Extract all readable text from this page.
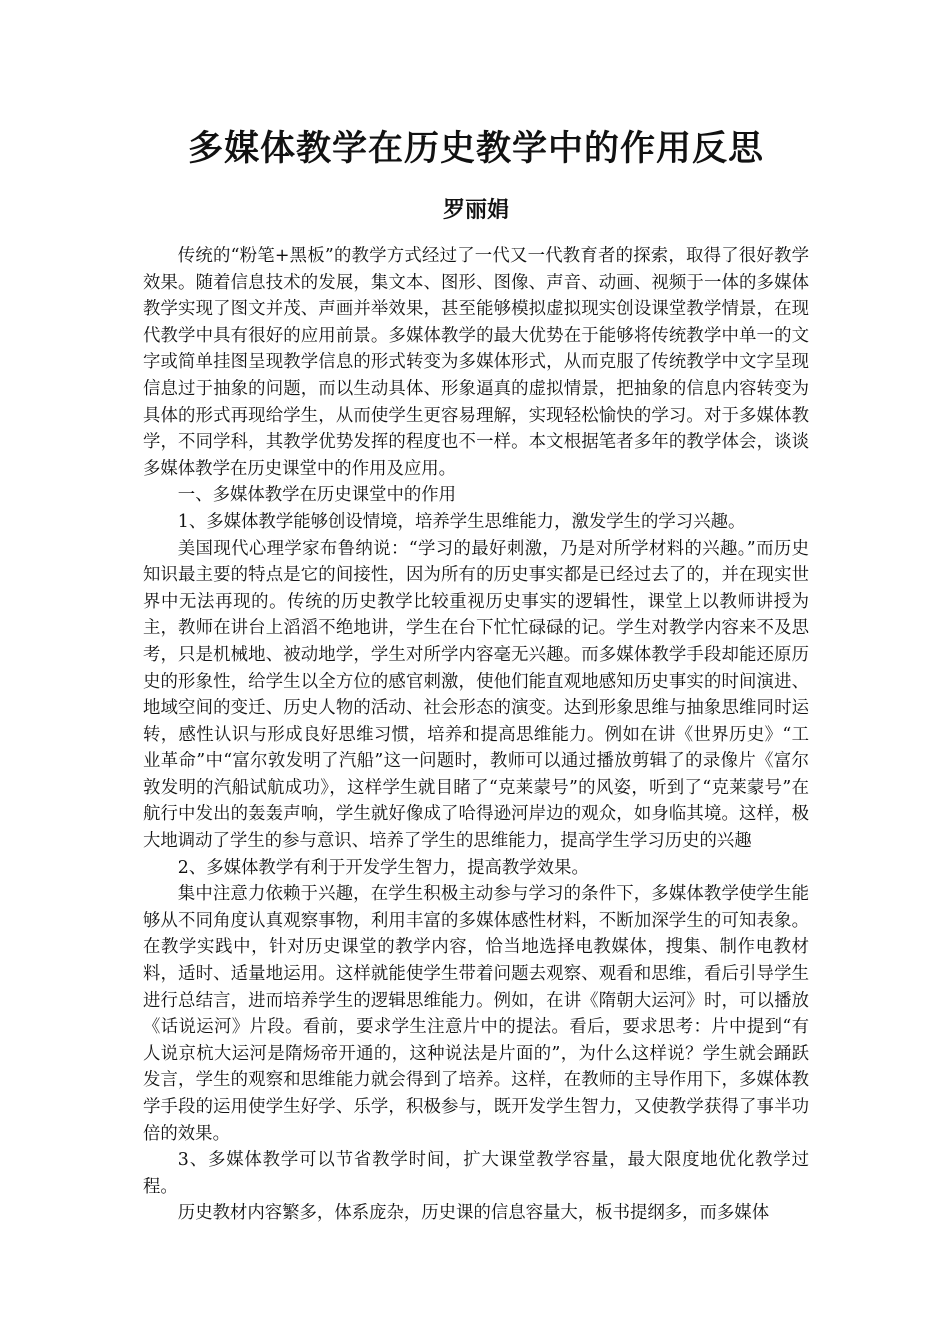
多媒体教学在历史教学中的作用反思
罗丽娟

传统的“粉笔+黑板”的教学方式经过了一代又一代教育者的探索，取得了很好教学效果。随着信息技术的发展，集文本、图形、图像、声音、动画、视频于一体的多媒体教学实现了图文并茂、声画并举效果，甚至能够模拟虚拟现实创设课堂教学情景，在现代教学中具有很好的应用前景。多媒体教学的最大优势在于能够将传统教学中单一的文字或简单挂图呈现教学信息的形式转变为多媒体形式，从而克服了传统教学中文字呈现信息过于抽象的问题，而以生动具体、形象逼真的虚拟情景，把抽象的信息内容转变为具体的形式再现给学生，从而使学生更容易理解，实现轻松愉快的学习。对于多媒体教学，不同学科，其教学优势发挥的程度也不一样。本文根据笔者多年的教学体会，谈谈多媒体教学在历史课堂中的作用及应用。

一、多媒体教学在历史课堂中的作用

1、多媒体教学能够创设情境，培养学生思维能力，激发学生的学习兴趣。

美国现代心理学家布鲁纳说：“学习的最好刺激，乃是对所学材料的兴趣。”而历史知识最主要的特点是它的间接性，因为所有的历史事实都是已经过去了的，并在现实世界中无法再现的。传统的历史教学比较重视历史事实的逻辑性，课堂上以教师讲授为主，教师在讲台上滔滔不绝地讲，学生在台下忙忙碌碌的记。学生对教学内容来不及思考，只是机械地、被动地学，学生对所学内容毫无兴趣。而多媒体教学手段却能还原历史的形象性，给学生以全方位的感官刺激，使他们能直观地感知历史事实的时间演进、地域空间的变迁、历史人物的活动、社会形态的演变。达到形象思维与抽象思维同时运转，感性认识与形成良好思维习惯，培养和提高思维能力。例如在讲《世界历史》“工业革命”中“富尔敦发明了汽船”这一问题时，教师可以通过播放剪辑了的录像片《富尔敦发明的汽船试航成功》，这样学生就目睹了“克莱蒙号”的风姿，听到了“克莱蒙号”在航行中发出的轰轰声响，学生就好像成了哈得逊河岸边的观众，如身临其境。这样，极大地调动了学生的参与意识、培养了学生的思维能力，提高学生学习历史的兴趣

2、多媒体教学有利于开发学生智力，提高教学效果。

集中注意力依赖于兴趣，在学生积极主动参与学习的条件下，多媒体教学使学生能够从不同角度认真观察事物，利用丰富的多媒体感性材料，不断加深学生的可知表象。在教学实践中，针对历史课堂的教学内容，恰当地选择电教媒体，搜集、制作电教材料，适时、适量地运用。这样就能使学生带着问题去观察、观看和思维，看后引导学生进行总结言，进而培养学生的逻辑思维能力。例如，在讲《隋朝大运河》时，可以播放《话说运河》片段。看前，要求学生注意片中的提法。看后，要求思考：片中提到“有人说京杭大运河是隋炀帝开通的，这种说法是片面的”，为什么这样说？学生就会踊跃发言，学生的观察和思维能力就会得到了培养。这样，在教师的主导作用下，多媒体教学手段的运用使学生好学、乐学，积极参与，既开发学生智力，又使教学获得了事半功倍的效果。

3、多媒体教学可以节省教学时间，扩大课堂教学容量，最大限度地优化教学过程。

历史教材内容繁多，体系庞杂，历史课的信息容量大，板书提纲多，而多媒体
